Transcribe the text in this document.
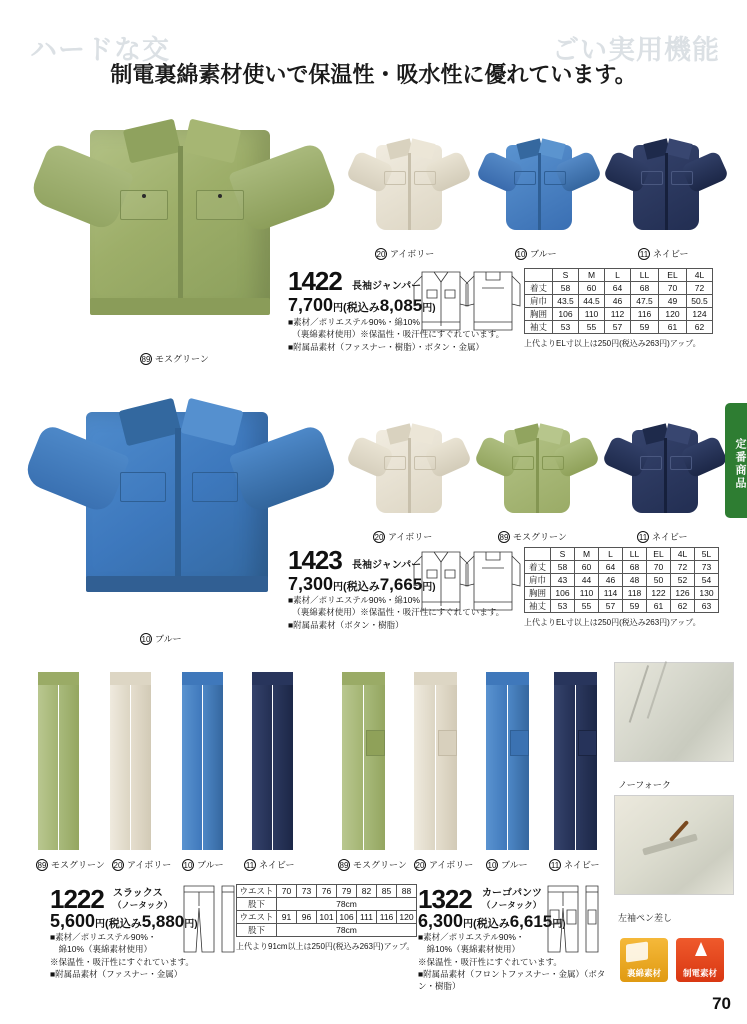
ハードな交	ごい実用機能
制電裏綿素材使いで保温性・吸水性に優れています。
89 モスグリーン
20 アイボリー	10 ブルー	11 ネイビー
1422 長袖ジャンパー
7,700円(税込み8,085円)
■素材／ポリエステル90%・綿10%
　（裏綿素材使用）※保温性・吸汗性にすぐれています。
■附属品素材（ファスナー・樹脂）・ボタン・金属）
	S	M	L	LL	EL	4L
着丈	58	60	64	68	70	72
肩巾	43.5	44.5	46	47.5	49	50.5
胸囲	106	110	112	116	120	124
袖丈	53	55	57	59	61	62
上代よりEL寸以上は250円(税込み263円)アップ。
10 ブルー
20 アイボリー	89 モスグリーン	11 ネイビー
1423 長袖ジャンパー
7,300円(税込み7,665円)
■素材／ポリエステル90%・綿10%
　（裏綿素材使用）※保温性・吸汗性にすぐれています。
■附属品素材（ボタン・樹脂）
	S	M	L	LL	EL	4L	5L
着丈	58	60	64	68	70	72	73
肩巾	43	44	46	48	50	52	54
胸囲	106	110	114	118	122	126	130
袖丈	53	55	57	59	61	62	63
上代よりEL寸以上は250円(税込み263円)アップ。
定番商品
89 モスグリーン 20 アイボリー 10 ブルー	11 ネイビー	89 モスグリーン 20 アイボリー 10 ブルー	11 ネイビー
1222 スラックス
（ノータック）
5,600円(税込み5,880円)
■素材／ポリエステル90%・
　綿10%（裏綿素材使用）
※保温性・吸汗性にすぐれています。
■附属品素材（ファスナー・金属）
ウエスト	70	73	76	79	82	85	88
股下	78cm						
ウエスト	91	96	101	106	111	116	120
股下	78cm						
上代より91cm以上は250円(税込み263円)アップ。
1322 カーゴパンツ
（ノータック）
6,300円(税込み6,615円)
■素材／ポリエステル90%・
　綿10%（裏綿素材使用）
※保温性・吸汗性にすぐれています。
■附属品素材（フロントファスナー・金属）（ボタン・樹脂）
ノーフォーク
左袖ペン差し
裏綿素材	制電素材
70
